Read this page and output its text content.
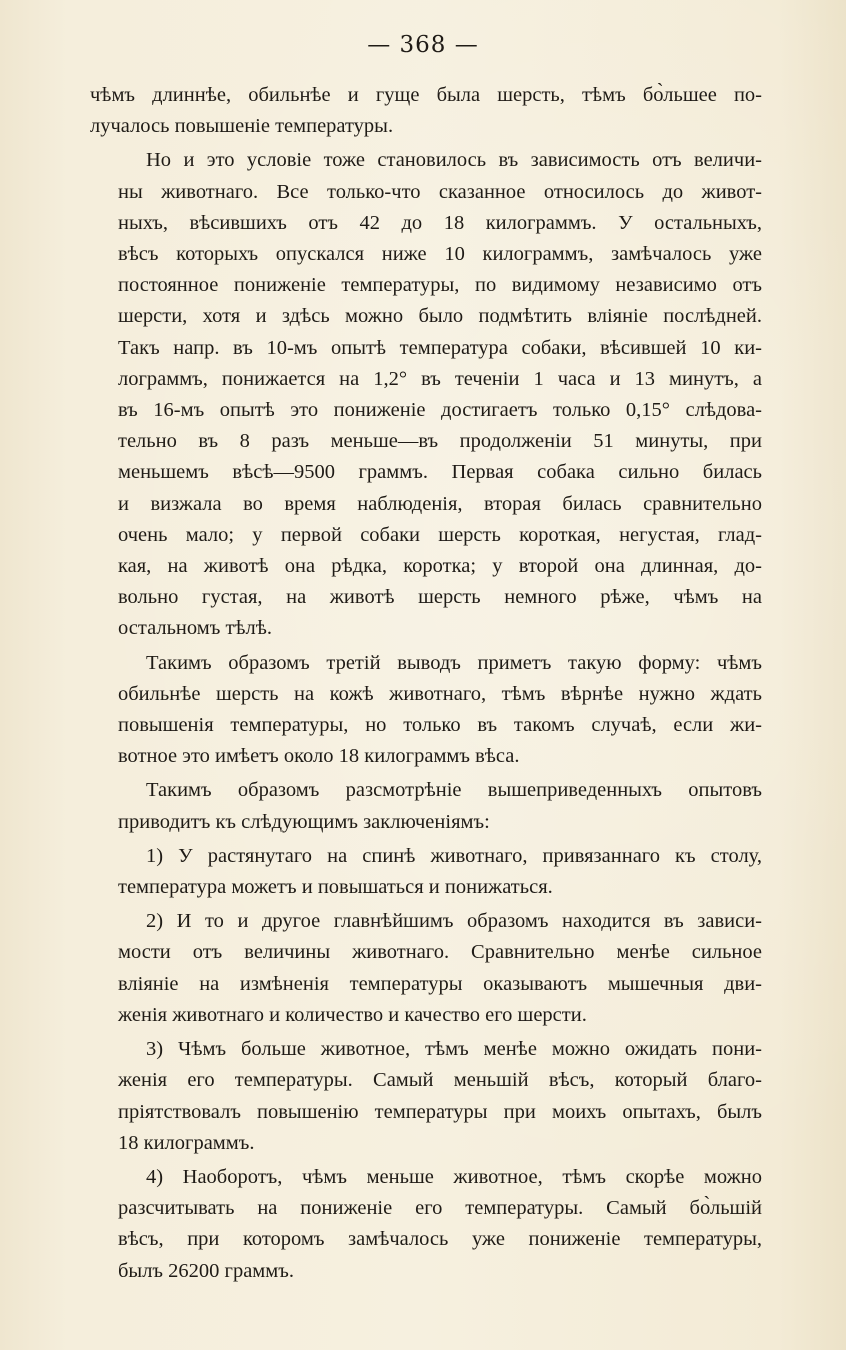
— 368 —
чѣмъ длиннѣе, обильнѣе и гуще была шерсть, тѣмъ бо̀льшее по-
лучалось повышеніе температуры.
Но и это условіе тоже становилось въ зависимость отъ величи-
ны животнаго. Все только-что сказанное относилось до живот-
ныхъ, вѣсившихъ отъ 42 до 18 килограммъ. У остальныхъ,
вѣсъ которыхъ опускался ниже 10 килограммъ, замѣчалось уже
постоянное пониженіе температуры, по видимому независимо отъ
шерсти, хотя и здѣсь можно было подмѣтить вліяніе послѣдней.
Такъ напр. въ 10-мъ опытѣ температура собаки, вѣсившей 10 ки-
лограммъ, понижается на 1,2° въ теченіи 1 часа и 13 минутъ, а
въ 16-мъ опытѣ это пониженіе достигаетъ только 0,15° слѣдова-
тельно въ 8 разъ меньше—въ продолженіи 51 минуты, при
меньшемъ вѣсѣ—9500 граммъ. Первая собака сильно билась
и визжала во время наблюденія, вторая билась сравнительно
очень мало; у первой собаки шерсть короткая, негустая, глад-
кая, на животѣ она рѣдка, коротка; у второй она длинная, до-
вольно густая, на животѣ шерсть немного рѣже, чѣмъ на
остальномъ тѣлѣ.
Такимъ образомъ третій выводъ приметъ такую форму: чѣмъ
обильнѣе шерсть на кожѣ животнаго, тѣмъ вѣрнѣе нужно ждать
повышенія температуры, но только въ такомъ случаѣ, если жи-
вотное это имѣетъ около 18 килограммъ вѣса.
Такимъ образомъ разсмотрѣніе вышеприведенныхъ опытовъ
приводитъ къ слѣдующимъ заключеніямъ:
1) У растянутаго на спинѣ животнаго, привязаннаго къ столу,
температура можетъ и повышаться и понижаться.
2) И то и другое главнѣйшимъ образомъ находится въ зависи-
мости отъ величины животнаго. Сравнительно менѣе сильное
вліяніе на измѣненія температуры оказываютъ мышечныя дви-
женія животнаго и количество и качество его шерсти.
3) Чѣмъ больше животное, тѣмъ менѣе можно ожидать пони-
женія его температуры. Самый меньшій вѣсъ, который благо-
пріятствовалъ повышенію температуры при моихъ опытахъ, былъ
18 килограммъ.
4) Наоборотъ, чѣмъ меньше животное, тѣмъ скорѣе можно
разсчитывать на пониженіе его температуры. Самый бо̀льшій
вѣсъ, при которомъ замѣчалось уже пониженіе температуры,
былъ 26200 граммъ.
